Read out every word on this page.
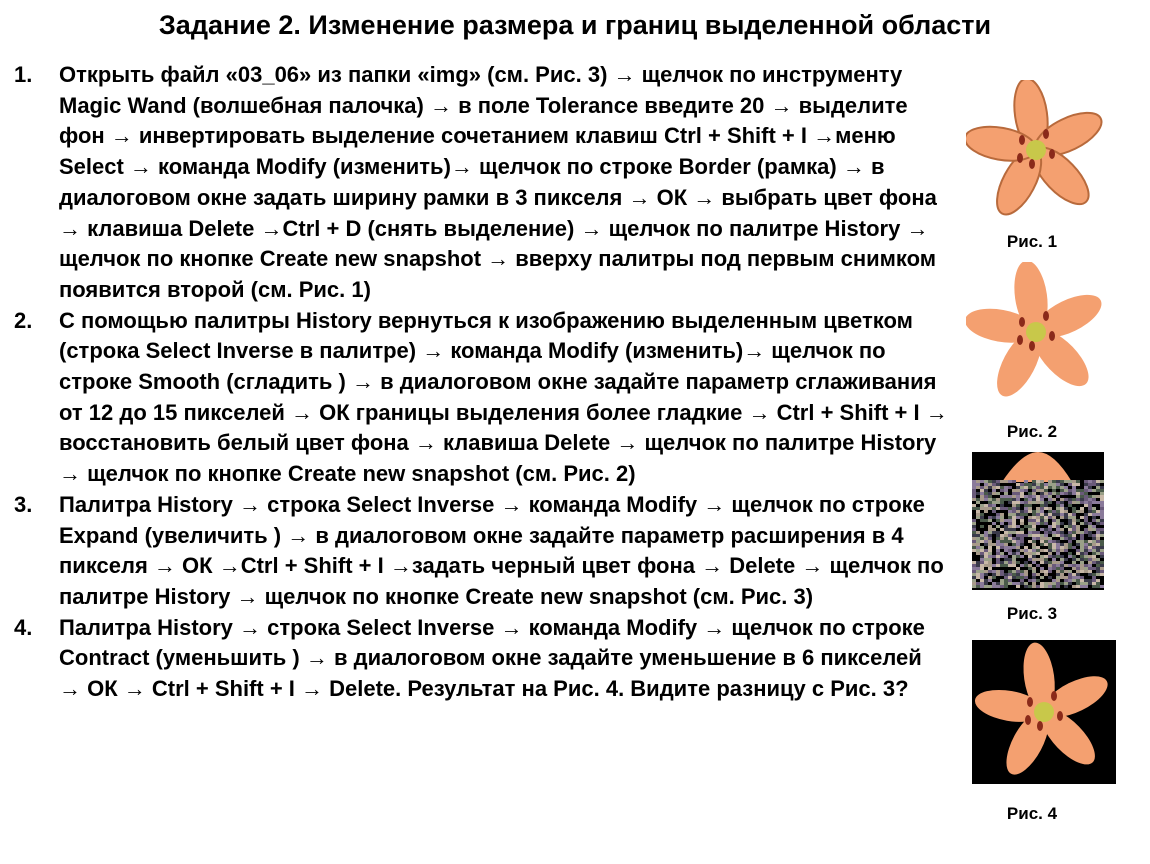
Задание 2. Изменение размера и границ выделенной области
1.	Открыть файл «03_06» из папки «img» (см. Рис. 3) → щелчок по инструменту Magic Wand (волшебная палочка) → в поле Tolerance введите 20 → выделите фон → инвертировать выделение сочетанием клавиш Ctrl + Shift + I →меню Select → команда Modify (изменить)→ щелчок по строке Border (рамка) → в диалоговом окне задать ширину рамки в 3 пикселя → ОК → выбрать цвет фона → клавиша Delete →Ctrl + D (снять выделение) → щелчок по палитре History → щелчок по кнопке Create new snapshot → вверху палитры под первым снимком появится второй (см. Рис. 1)
2.	С помощью палитры History вернуться к изображению выделенным цветком (строка Select Inverse в палитре) → команда Modify (изменить)→ щелчок по строке Smooth (сгладить ) → в диалоговом окне задайте параметр сглаживания от 12 до 15 пикселей → ОК границы выделения более гладкие → Ctrl + Shift + I → восстановить белый цвет фона → клавиша Delete → щелчок по палитре History → щелчок по кнопке Create new snapshot (см. Рис. 2)
3.	Палитра History → строка Select Inverse → команда Modify → щелчок по строке Expand (увеличить ) → в диалоговом окне задайте параметр расширения в 4 пикселя → ОК →Ctrl + Shift + I →задать черный цвет фона → Delete → щелчок по палитре History → щелчок по кнопке Create new snapshot (см. Рис. 3)
4.	Палитра History → строка Select Inverse → команда Modify → щелчок по строке Contract (уменьшить ) → в диалоговом окне задайте уменьшение в 6 пикселей → ОК → Ctrl + Shift + I → Delete. Результат на Рис. 4. Видите разницу с Рис. 3?
Рис. 1
Рис. 2
Рис. 3
Рис. 4
